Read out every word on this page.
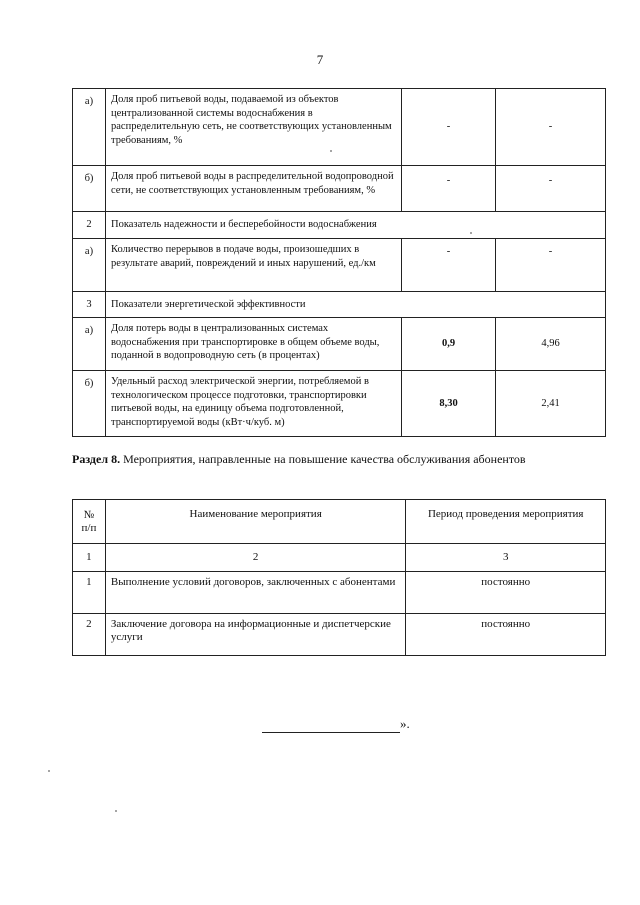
7
а)	Доля проб питьевой воды, подаваемой из объектов централизованной системы водоснабжения в распределительную сеть, не соответствующих установленным требованиям, %	-	-
б)	Доля проб питьевой воды в распределительной водопроводной сети, не соответствующих установленным требованиям, %	-	-
2	Показатель надежности и бесперебойности водоснабжения		
а)	Количество перерывов в подаче воды, произошедших в результате аварий, повреждений и иных нарушений, ед./км	-	-
3	Показатели энергетической эффективности		
а)	Доля потерь воды в централизованных системах водоснабжения при транспортировке в общем объеме воды, поданной в водопроводную сеть (в процентах)	0,9	4,96
б)	Удельный расход электрической энергии, потребляемой в технологическом процессе подготовки, транспортировки питьевой воды, на единицу объема подготовленной, транспортируемой воды (кВт·ч/куб. м)	8,30	2,41
Раздел 8. Мероприятия, направленные на повышение качества обслуживания абонентов
№ п/п	Наименование мероприятия	Период проведения мероприятия
1	2	3
1	Выполнение условий договоров, заключенных с абонентами	постоянно
2	Заключение договора на информационные и диспетчерские услуги	постоянно
».
